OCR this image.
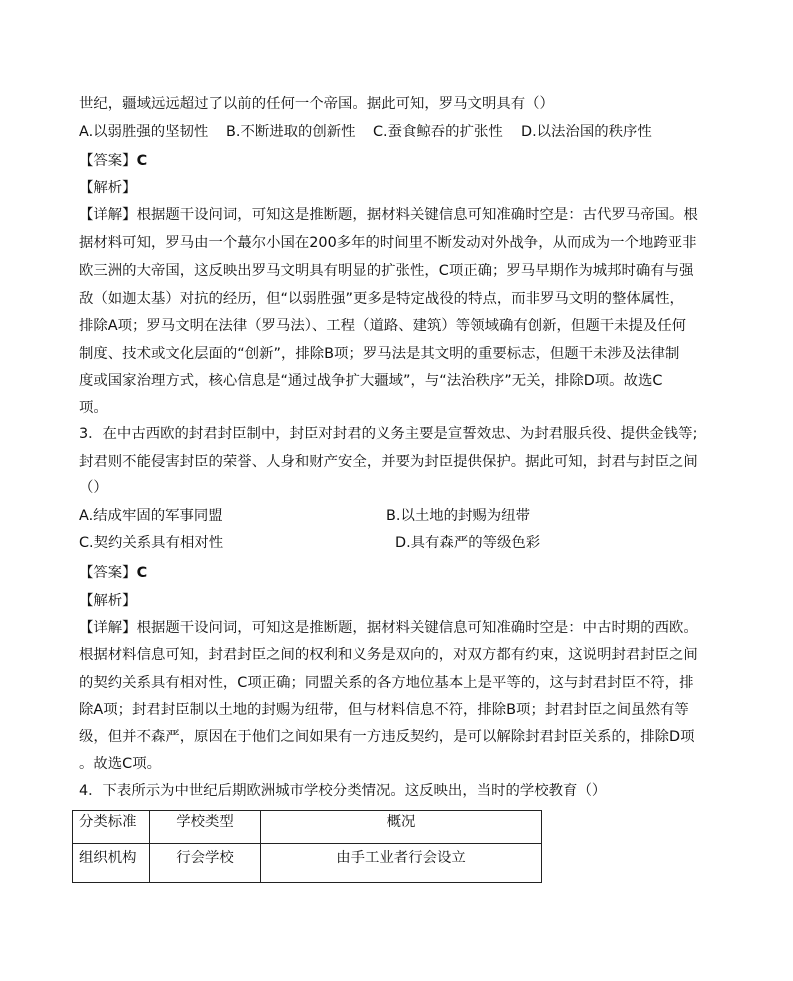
世纪，疆域远远超过了以前的任何一个帝国。据此可知，罗马文明具有（）
A.以弱胜强的坚韧性 B.不断进取的创新性 C.蚕食鲸吞的扩张性 D.以法治国的秩序性
【答案】C
【解析】
【详解】根据题干设问词，可知这是推断题，据材料关键信息可知准确时空是：古代罗马帝国。根
据材料可知，罗马由一个蕞尔小国在200多年的时间里不断发动对外战争，从而成为一个地跨亚非
欧三洲的大帝国，这反映出罗马文明具有明显的扩张性，C项正确；罗马早期作为城邦时确有与强
敌（如迦太基）对抗的经历，但“以弱胜强”更多是特定战役的特点，而非罗马文明的整体属性，
排除A项；罗马文明在法律（罗马法）、工程（道路、建筑）等领域确有创新，但题干未提及任何
制度、技术或文化层面的“创新”，排除B项；罗马法是其文明的重要标志，但题干未涉及法律制
度或国家治理方式，核心信息是“通过战争扩大疆域”，与“法治秩序”无关，排除D项。故选C
项。
3．在中古西欧的封君封臣制中，封臣对封君的义务主要是宣誓效忠、为封君服兵役、提供金钱等;
封君则不能侵害封臣的荣誉、人身和财产安全，并要为封臣提供保护。据此可知，封君与封臣之间
（）
A.结成牢固的军事同盟	B.以土地的封赐为纽带
C.契约关系具有相对性	D.具有森严的等级色彩
【答案】C
【解析】
【详解】根据题干设问词，可知这是推断题，据材料关键信息可知准确时空是：中古时期的西欧。
根据材料信息可知，封君封臣之间的权利和义务是双向的，对双方都有约束，这说明封君封臣之间
的契约关系具有相对性，C项正确；同盟关系的各方地位基本上是平等的，这与封君封臣不符，排
除A项；封君封臣制以土地的封赐为纽带，但与材料信息不符，排除B项；封君封臣之间虽然有等
级，但并不森严，原因在于他们之间如果有一方违反契约，是可以解除封君封臣关系的，排除D项
。故选C项。
4．下表所示为中世纪后期欧洲城市学校分类情况。这反映出，当时的学校教育（）
分类标准	学校类型	概况
组织机构	行会学校	由手工业者行会设立
